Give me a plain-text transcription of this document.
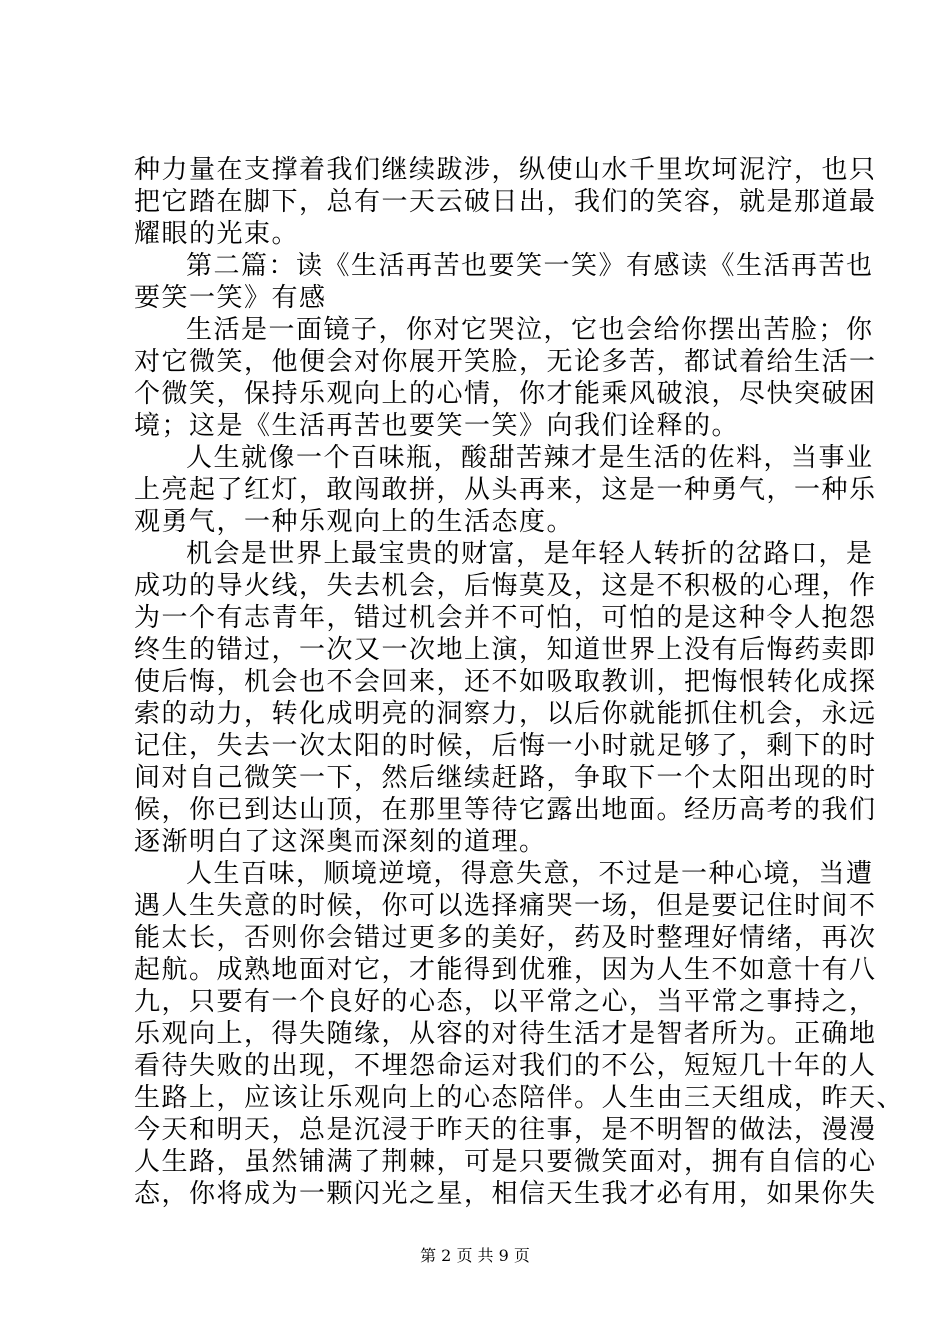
种力量在支撑着我们继续跋涉，纵使山水千里坎坷泥泞，也只
把它踏在脚下，总有一天云破日出，我们的笑容，就是那道最
耀眼的光束。
第二篇：读《生活再苦也要笑一笑》有感读《生活再苦也
要笑一笑》有感
生活是一面镜子，你对它哭泣，它也会给你摆出苦脸；你
对它微笑，他便会对你展开笑脸，无论多苦，都试着给生活一
个微笑，保持乐观向上的心情，你才能乘风破浪，尽快突破困
境；这是《生活再苦也要笑一笑》向我们诠释的。
人生就像一个百味瓶，酸甜苦辣才是生活的佐料，当事业
上亮起了红灯，敢闯敢拼，从头再来，这是一种勇气，一种乐
观勇气，一种乐观向上的生活态度。
机会是世界上最宝贵的财富，是年轻人转折的岔路口，是
成功的导火线，失去机会，后悔莫及，这是不积极的心理，作
为一个有志青年，错过机会并不可怕，可怕的是这种令人抱怨
终生的错过，一次又一次地上演，知道世界上没有后悔药卖即
使后悔，机会也不会回来，还不如吸取教训，把悔恨转化成探
索的动力，转化成明亮的洞察力，以后你就能抓住机会，永远
记住，失去一次太阳的时候，后悔一小时就足够了，剩下的时
间对自己微笑一下，然后继续赶路，争取下一个太阳出现的时
候，你已到达山顶，在那里等待它露出地面。经历高考的我们
逐渐明白了这深奥而深刻的道理。
人生百味，顺境逆境，得意失意，不过是一种心境，当遭
遇人生失意的时候，你可以选择痛哭一场，但是要记住时间不
能太长，否则你会错过更多的美好，药及时整理好情绪，再次
起航。成熟地面对它，才能得到优雅，因为人生不如意十有八
九，只要有一个良好的心态，以平常之心，当平常之事持之，
乐观向上，得失随缘，从容的对待生活才是智者所为。正确地
看待失败的出现，不埋怨命运对我们的不公，短短几十年的人
生路上，应该让乐观向上的心态陪伴。人生由三天组成，昨天、
今天和明天，总是沉浸于昨天的往事，是不明智的做法，漫漫
人生路，虽然铺满了荆棘，可是只要微笑面对，拥有自信的心
态，你将成为一颗闪光之星，相信天生我才必有用，如果你失
第 2 页 共 9 页
